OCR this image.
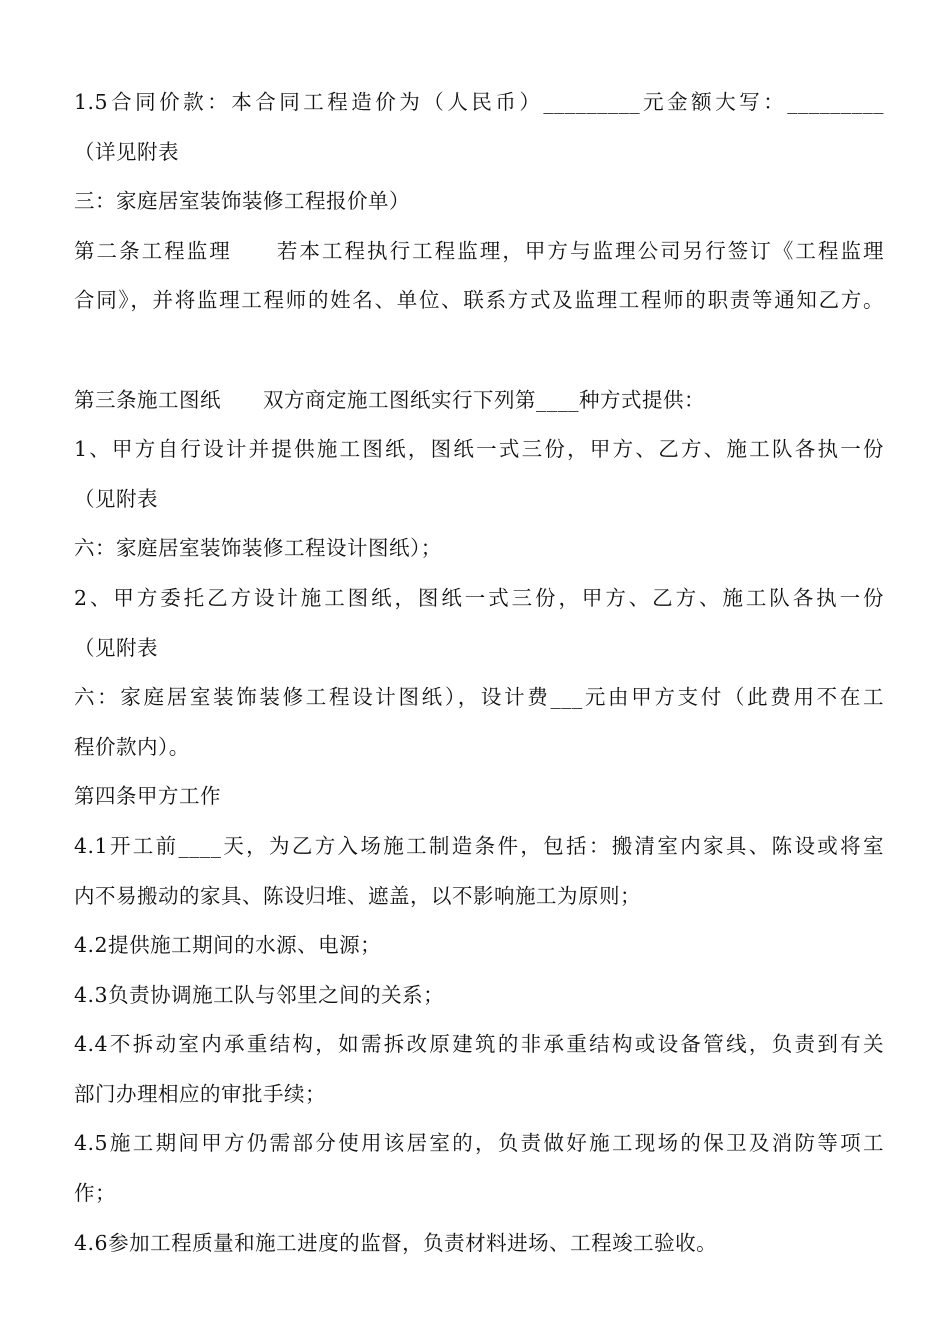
1.5合同价款：本合同工程造价为（人民币）_________元金额大写：_________
（详见附表
三：家庭居室装饰装修工程报价单）
第二条工程监理　　若本工程执行工程监理，甲方与监理公司另行签订《工程监理
合同》，并将监理工程师的姓名、单位、联系方式及监理工程师的职责等通知乙方。
第三条施工图纸　　双方商定施工图纸实行下列第____种方式提供：
1、甲方自行设计并提供施工图纸，图纸一式三份，甲方、乙方、施工队各执一份
（见附表
六：家庭居室装饰装修工程设计图纸）；
2、甲方委托乙方设计施工图纸，图纸一式三份，甲方、乙方、施工队各执一份
（见附表
六：家庭居室装饰装修工程设计图纸），设计费___元由甲方支付（此费用不在工
程价款内）。
第四条甲方工作
4.1开工前____天，为乙方入场施工制造条件，包括：搬清室内家具、陈设或将室
内不易搬动的家具、陈设归堆、遮盖，以不影响施工为原则；
4.2提供施工期间的水源、电源；
4.3负责协调施工队与邻里之间的关系；
4.4不拆动室内承重结构，如需拆改原建筑的非承重结构或设备管线，负责到有关
部门办理相应的审批手续；
4.5施工期间甲方仍需部分使用该居室的，负责做好施工现场的保卫及消防等项工
作；
4.6参加工程质量和施工进度的监督，负责材料进场、工程竣工验收。
